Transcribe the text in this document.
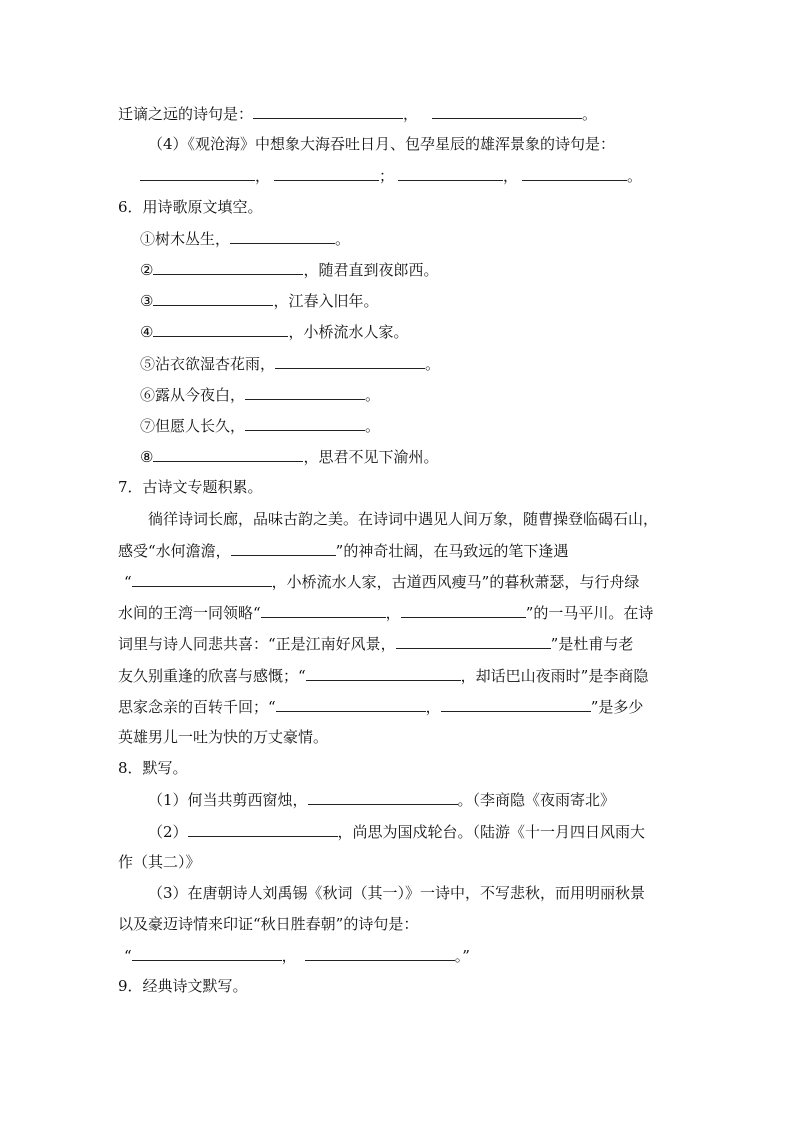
迁谪之远的诗句是：	，	。
（4）《观沧海》中想象大海吞吐日月、包孕星辰的雄浑景象的诗句是：
，	；	，	。
6．用诗歌原文填空。
①树木丛生，	。
②	，随君直到夜郎西。
③	，江春入旧年。
④	，小桥流水人家。
⑤沾衣欲湿杏花雨，	。
⑥露从今夜白，	。
⑦但愿人长久，	。
⑧	，思君不见下渝州。
7．古诗文专题积累。
徜徉诗词长廊，品味古韵之美。在诗词中遇见人间万象，随曹操登临碣石山，
感受“水何澹澹，	”的神奇壮阔，在马致远的笔下逢遇
“	，小桥流水人家，古道西风瘦马”的暮秋萧瑟，与行舟绿
水间的王湾一同领略“	，	”的一马平川。在诗
词里与诗人同悲共喜：“正是江南好风景，	”是杜甫与老
友久别重逢的欣喜与感慨；“	，却话巴山夜雨时”是李商隐
思家念亲的百转千回；“	，	”是多少
英雄男儿一吐为快的万丈豪情。
8．默写。
（1）何当共剪西窗烛，	。（李商隐《夜雨寄北》
（2）	，尚思为国戍轮台。（陆游《十一月四日风雨大
作（其二）》
（3）在唐朝诗人刘禹锡《秋词（其一）》一诗中，不写悲秋，而用明丽秋景
以及豪迈诗情来印证“秋日胜春朝”的诗句是：
“	，	。”
9．经典诗文默写。
